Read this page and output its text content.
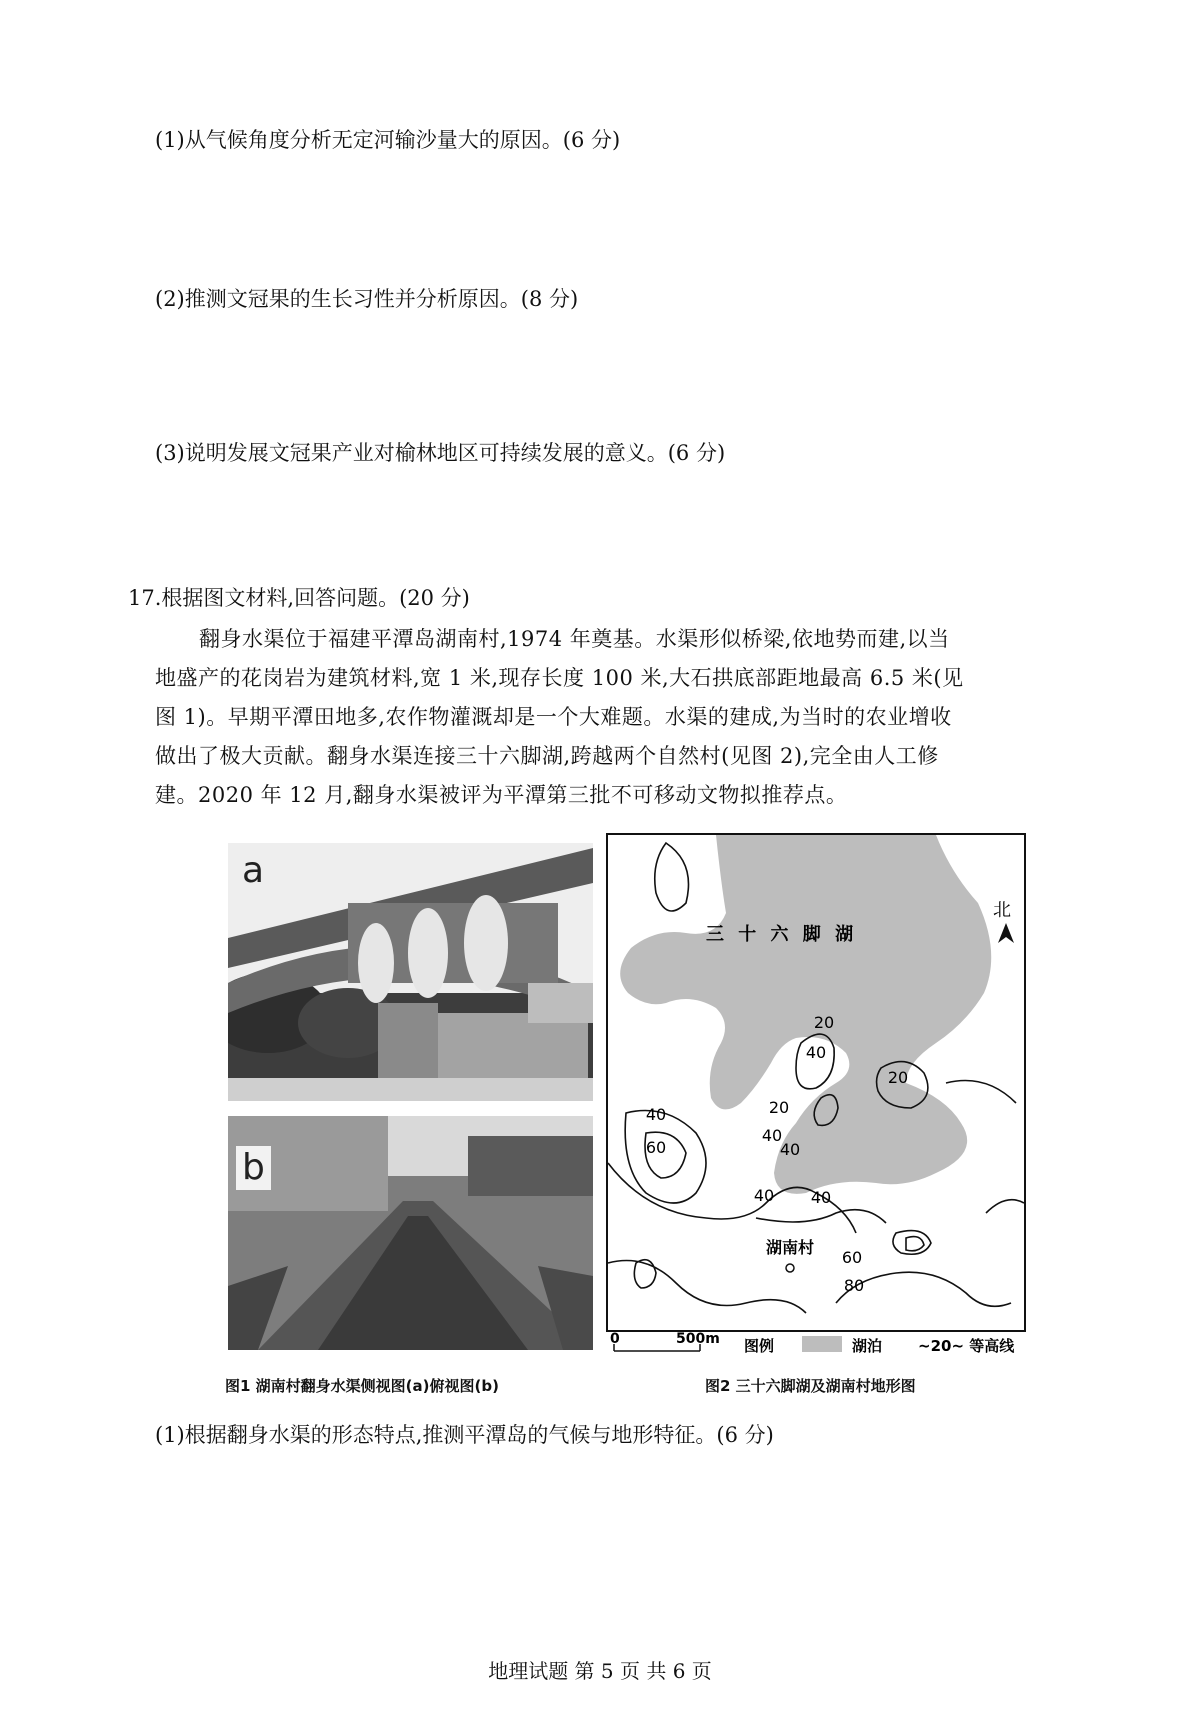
(1)从气候角度分析无定河输沙量大的原因。(6 分)
(2)推测文冠果的生长习性并分析原因。(8 分)
(3)说明发展文冠果产业对榆林地区可持续发展的意义。(6 分)
17.根据图文材料,回答问题。(20 分)

翻身水渠位于福建平潭岛湖南村,1974 年奠基。水渠形似桥梁,依地势而建,以当

地盛产的花岗岩为建筑材料,宽 1 米,现存长度 100 米,大石拱底部距地最高 6.5 米(见

图 1)。早期平潭田地多,农作物灌溉却是一个大难题。水渠的建成,为当时的农业增收

做出了极大贡献。翻身水渠连接三十六脚湖,跨越两个自然村(见图 2),完全由人工修

建。2020 年 12 月,翻身水渠被评为平潭第三批不可移动文物拟推荐点。

a
b
图1 湖南村翻身水渠侧视图(a)俯视图(b)
北
三 十 六 脚 湖
20
40
20
20
40
40
40
60
40 40
60
80
湖南村
0	500m 图例	湖泊 ~20~ 等高线
图2 三十六脚湖及湖南村地形图
(1)根据翻身水渠的形态特点,推测平潭岛的气候与地形特征。(6 分)
地理试题 第 5 页 共 6 页
